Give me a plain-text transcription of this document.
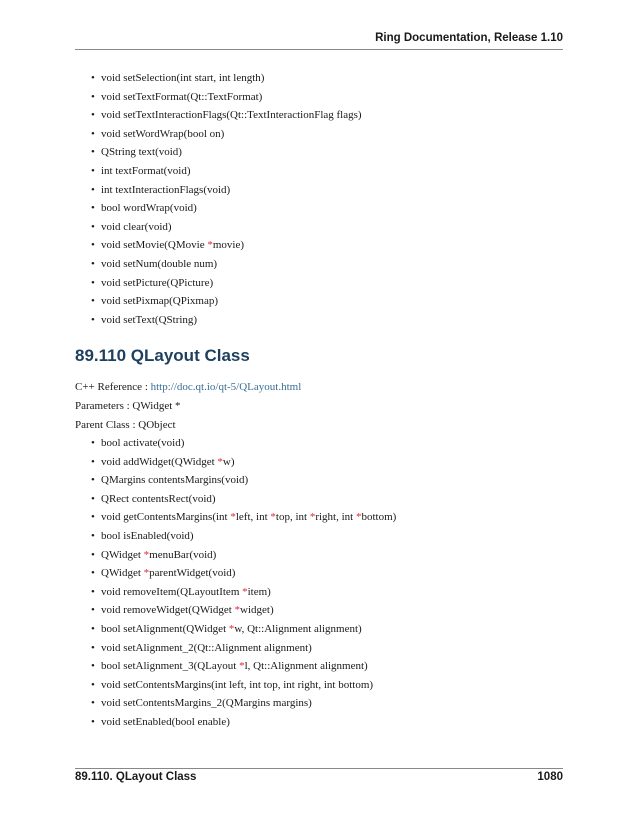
Ring Documentation, Release 1.10
• void setSelection(int start, int length)
• void setTextFormat(Qt::TextFormat)
• void setTextInteractionFlags(Qt::TextInteractionFlag flags)
• void setWordWrap(bool on)
• QString text(void)
• int textFormat(void)
• int textInteractionFlags(void)
• bool wordWrap(void)
• void clear(void)
• void setMovie(QMovie *movie)
• void setNum(double num)
• void setPicture(QPicture)
• void setPixmap(QPixmap)
• void setText(QString)
89.110 QLayout Class
C++ Reference : http://doc.qt.io/qt-5/QLayout.html
Parameters : QWidget *
Parent Class : QObject
• bool activate(void)
• void addWidget(QWidget *w)
• QMargins contentsMargins(void)
• QRect contentsRect(void)
• void getContentsMargins(int *left, int *top, int *right, int *bottom)
• bool isEnabled(void)
• QWidget *menuBar(void)
• QWidget *parentWidget(void)
• void removeItem(QLayoutItem *item)
• void removeWidget(QWidget *widget)
• bool setAlignment(QWidget *w, Qt::Alignment alignment)
• void setAlignment_2(Qt::Alignment alignment)
• bool setAlignment_3(QLayout *l, Qt::Alignment alignment)
• void setContentsMargins(int left, int top, int right, int bottom)
• void setContentsMargins_2(QMargins margins)
• void setEnabled(bool enable)
89.110. QLayout Class	1080
